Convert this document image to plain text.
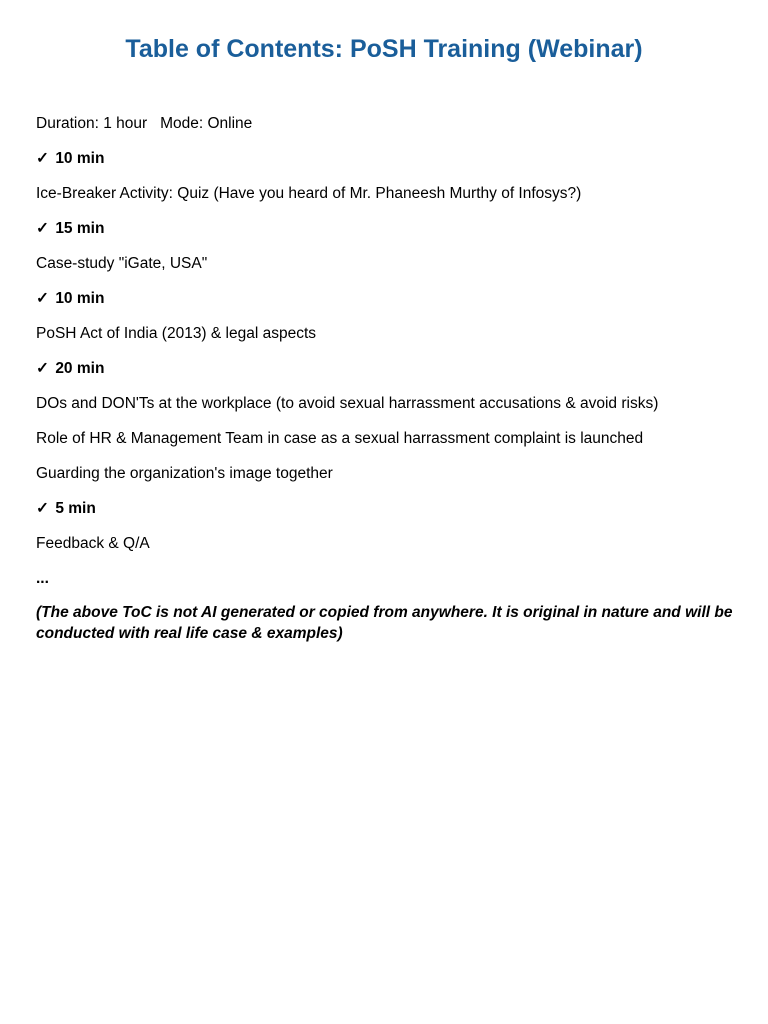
Table of Contents: PoSH Training (Webinar)

Duration: 1 hour   Mode: Online

✓ 10 min

Ice-Breaker Activity: Quiz (Have you heard of Mr. Phaneesh Murthy of Infosys?)

✓ 15 min

Case-study "iGate, USA"

✓ 10 min

PoSH Act of India (2013) & legal aspects

✓ 20 min

DOs and DON'Ts at the workplace (to avoid sexual harrassment accusations & avoid risks)

Role of HR & Management Team in case as a sexual harrassment complaint is launched

Guarding the organization's image together

✓ 5 min

Feedback & Q/A

...

(The above ToC is not AI generated or copied from anywhere. It is original in nature and will be conducted with real life case & examples)
